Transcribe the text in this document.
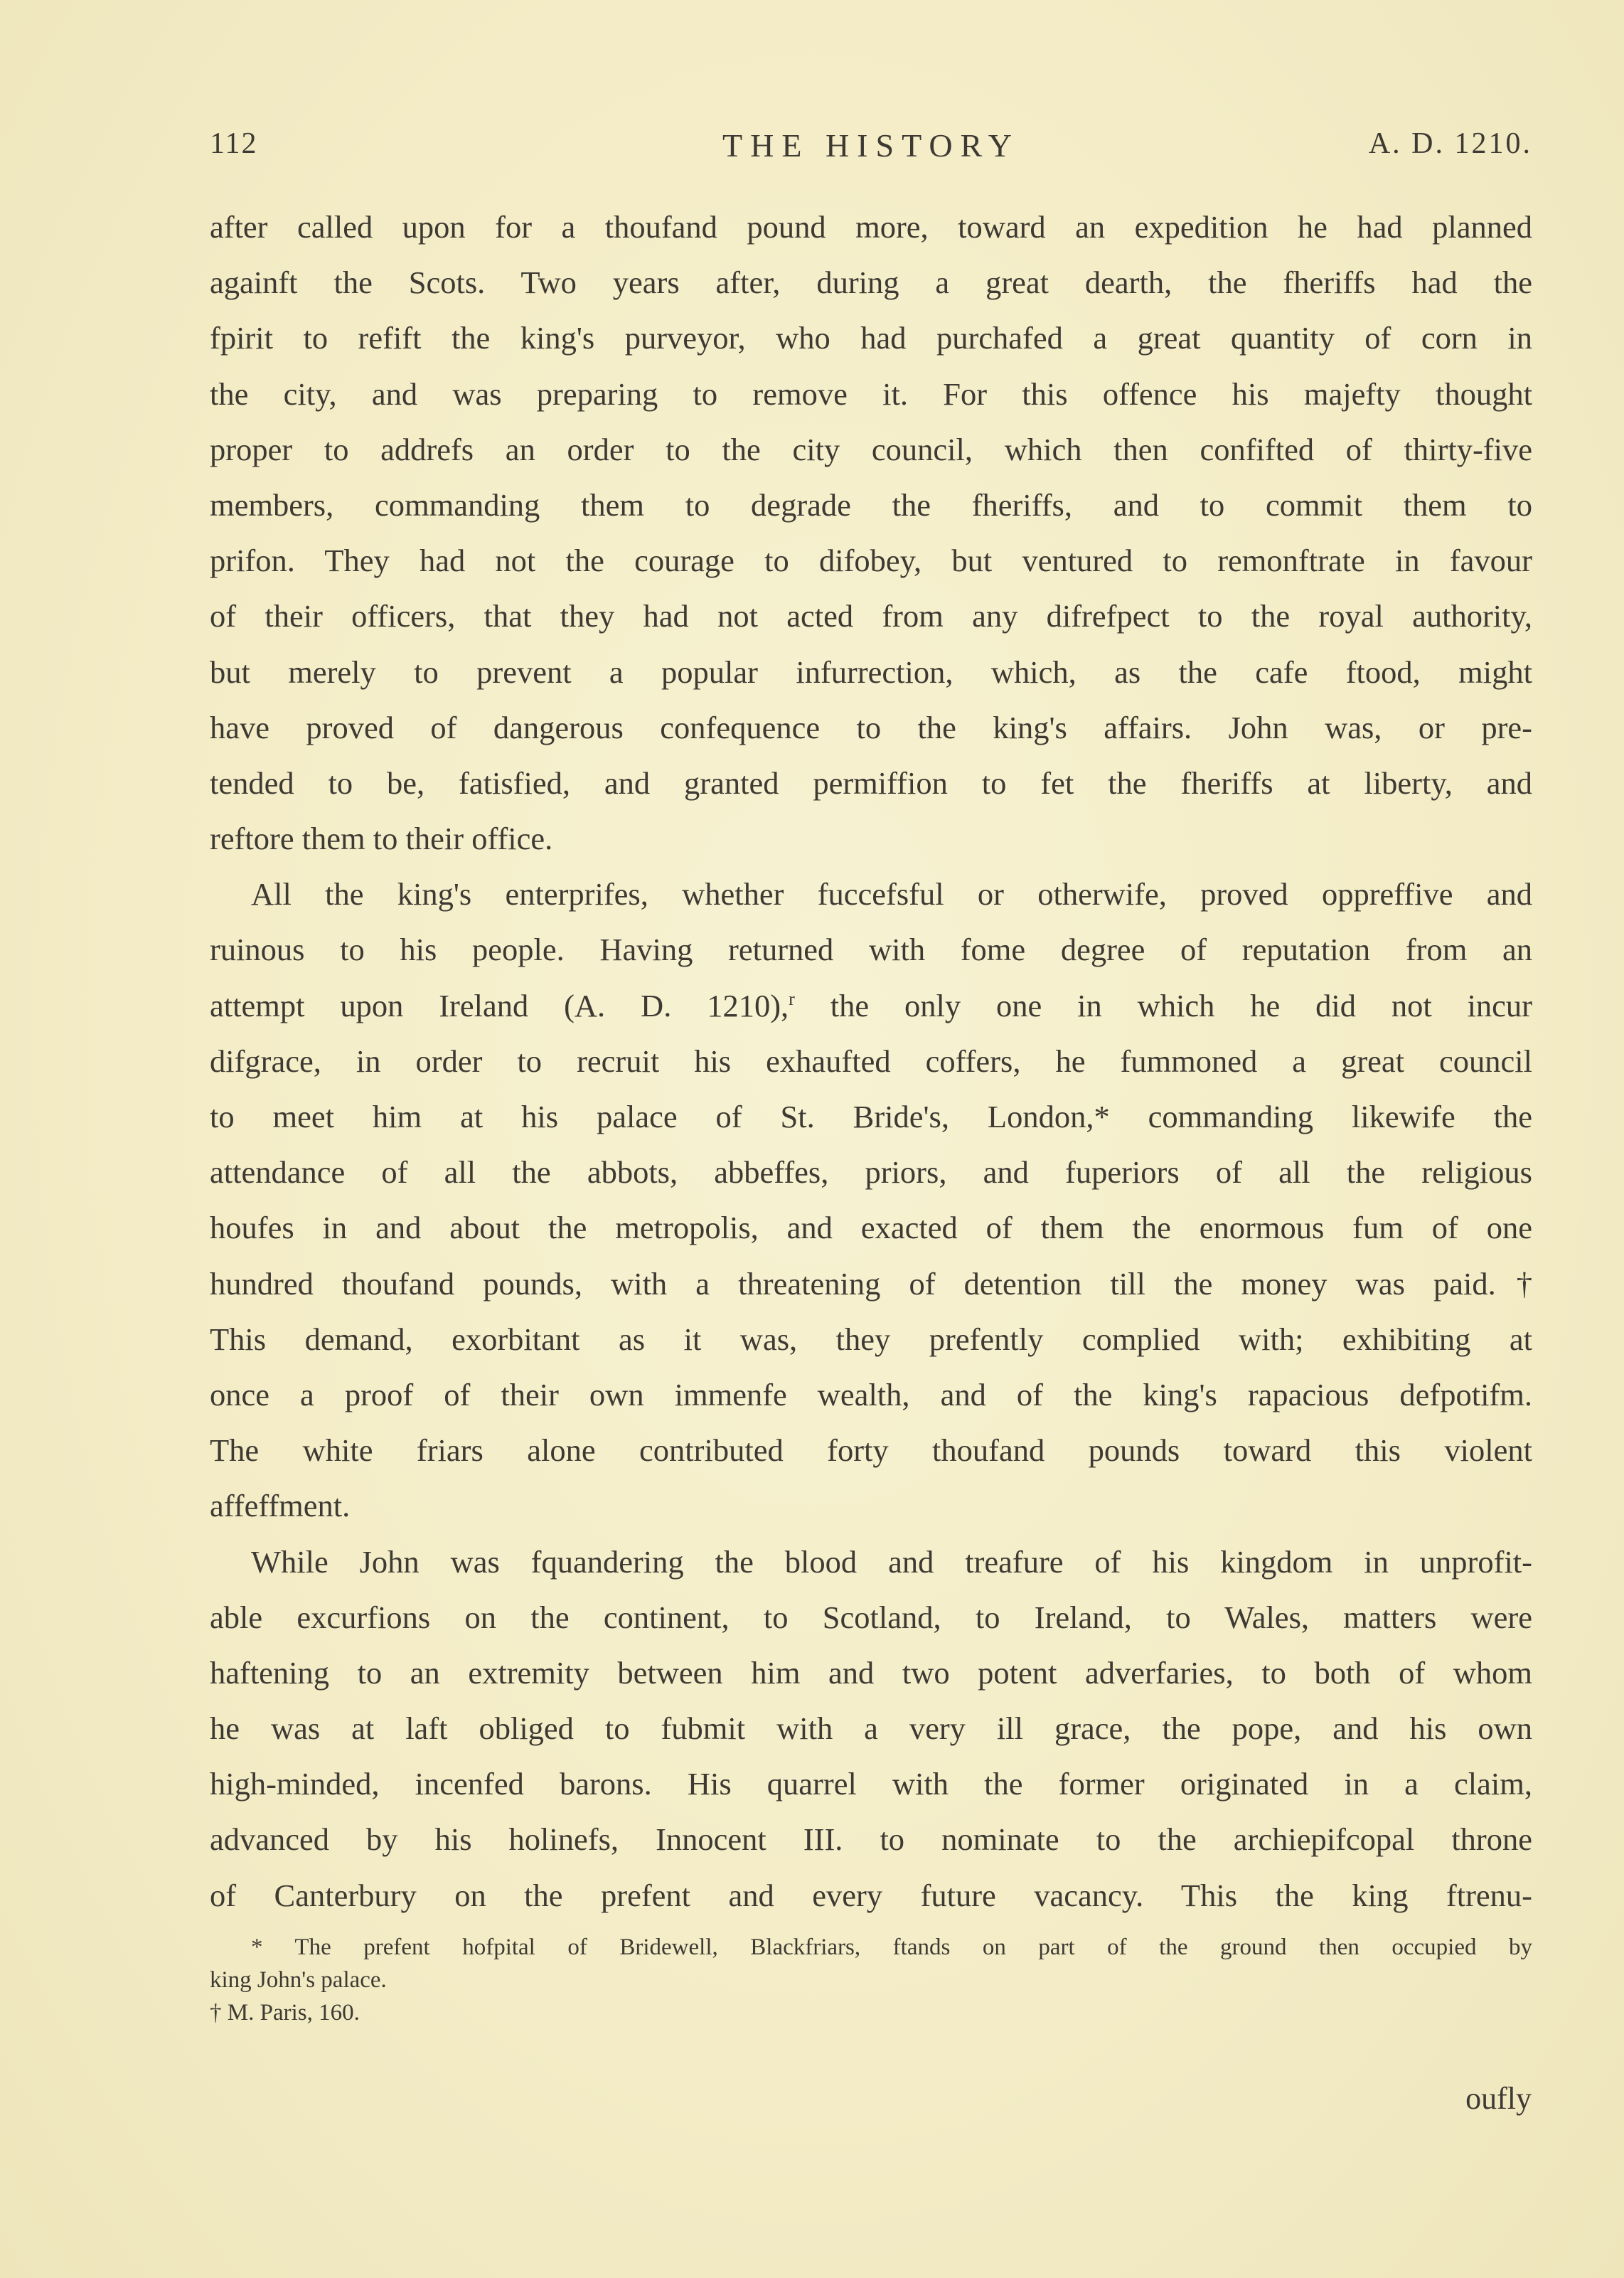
112	THE HISTORY	A. D. 1210.
after called upon for a thoufand pound more, toward an expedition he had planned
againft the Scots. Two years after, during a great dearth, the fheriffs had the
fpirit to refift the king's purveyor, who had purchafed a great quantity of corn in
the city, and was preparing to remove it. For this offence his majefty thought
proper to addrefs an order to the city council, which then confifted of thirty-five
members, commanding them to degrade the fheriffs, and to commit them to
prifon. They had not the courage to difobey, but ventured to remonftrate in favour
of their officers, that they had not acted from any difrefpect to the royal authority,
but merely to prevent a popular infurrection, which, as the cafe ftood, might
have proved of dangerous confequence to the king's affairs. John was, or pre-
tended to be, fatisfied, and granted permiffion to fet the fheriffs at liberty, and
reftore them to their office.
All the king's enterprifes, whether fuccefsful or otherwife, proved oppreffive and
ruinous to his people. Having returned with fome degree of reputation from an
attempt upon Ireland (A. D. 1210),$^r$ the only one in which he did not incur
difgrace, in order to recruit his exhaufted coffers, he fummoned a great council
to meet him at his palace of St. Bride's, London,* commanding likewife the
attendance of all the abbots, abbeffes, priors, and fuperiors of all the religious
houfes in and about the metropolis, and exacted of them the enormous fum of one
hundred thoufand pounds, with a threatening of detention till the money was paid.†
This demand, exorbitant as it was, they prefently complied with; exhibiting at
once a proof of their own immenfe wealth, and of the king's rapacious defpotifm.
The white friars alone contributed forty thoufand pounds toward this violent
affeffment.
While John was fquandering the blood and treafure of his kingdom in unprofit-
able excurfions on the continent, to Scotland, to Ireland, to Wales, matters were
haftening to an extremity between him and two potent adverfaries, to both of whom
he was at laft obliged to fubmit with a very ill grace, the pope, and his own
high-minded, incenfed barons. His quarrel with the former originated in a claim,
advanced by his holinefs, Innocent III. to nominate to the archiepifcopal throne
of Canterbury on the prefent and every future vacancy. This the king ftrenu-
* The prefent hofpital of Bridewell, Blackfriars, ftands on part of the ground then occupied by
king John's palace.
† M. Paris, 160.
oufly
